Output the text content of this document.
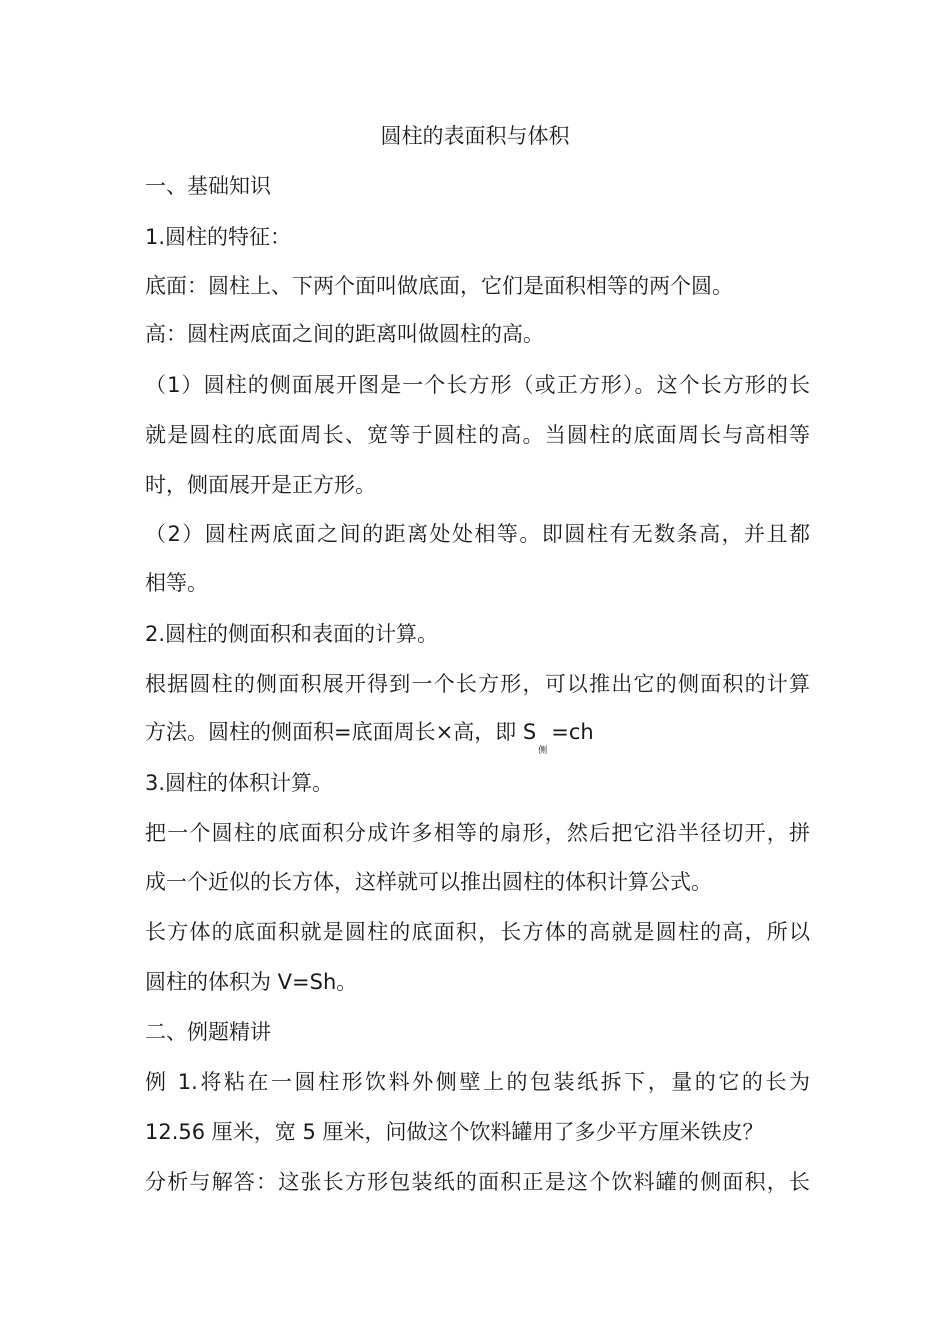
圆柱的表面积与体积
一、基础知识
1.圆柱的特征：
底面：圆柱上、下两个面叫做底面，它们是面积相等的两个圆。
高：圆柱两底面之间的距离叫做圆柱的高。
（1）圆柱的侧面展开图是一个长方形（或正方形）。这个长方形的长
就是圆柱的底面周长、宽等于圆柱的高。当圆柱的底面周长与高相等
时，侧面展开是正方形。
（2）圆柱两底面之间的距离处处相等。即圆柱有无数条高，并且都
相等。
2.圆柱的侧面积和表面的计算。
根据圆柱的侧面积展开得到一个长方形，可以推出它的侧面积的计算
方法。圆柱的侧面积=底面周长×高，即 $S_侧=ch$
3.圆柱的体积计算。
把一个圆柱的底面积分成许多相等的扇形，然后把它沿半径切开，拼
成一个近似的长方体，这样就可以推出圆柱的体积计算公式。
长方体的底面积就是圆柱的底面积，长方体的高就是圆柱的高，所以
圆柱的体积为 V=Sh。
二、例题精讲
例 1.将粘在一圆柱形饮料外侧壁上的包装纸拆下，量的它的长为
12.56 厘米，宽 5 厘米，问做这个饮料罐用了多少平方厘米铁皮？
分析与解答：这张长方形包装纸的面积正是这个饮料罐的侧面积，长
